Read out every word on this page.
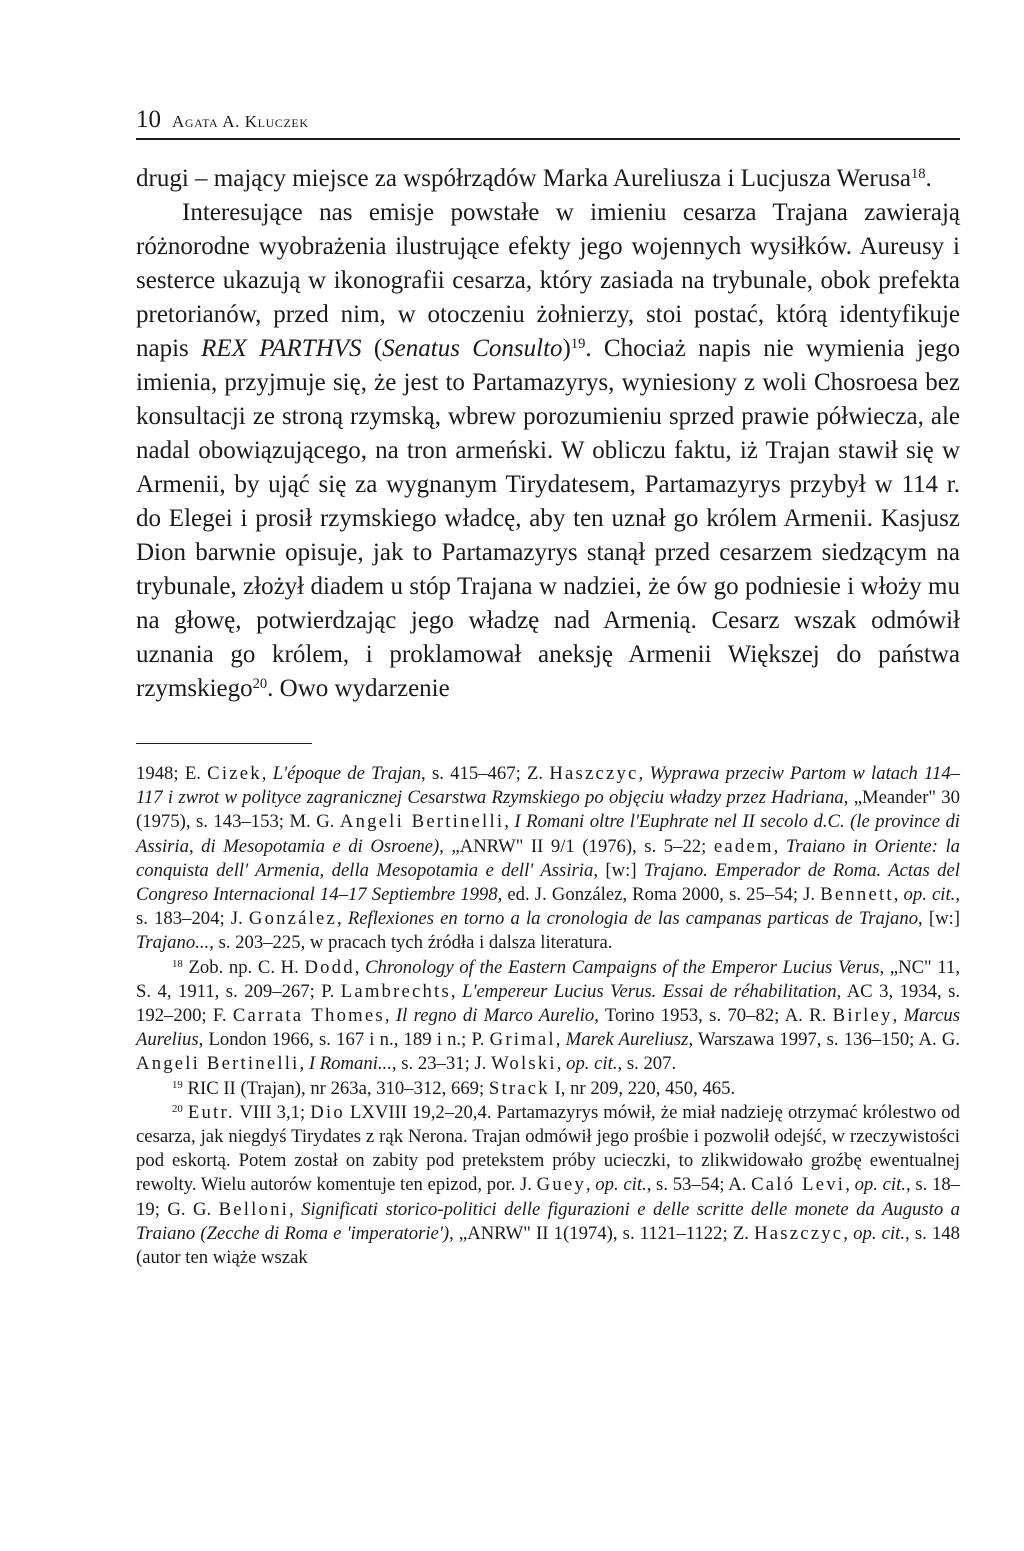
10 Agata A. Kluczek

drugi – mający miejsce za współrządów Marka Aureliusza i Lucjusza Werusa$^{18}$.

Interesujące nas emisje powstałe w imieniu cesarza Trajana zawierają różnorodne wyobrażenia ilustrujące efekty jego wojennych wysiłków. Aureusy i sesterce ukazują w ikonografii cesarza, który zasiada na trybunale, obok prefekta pretorianów, przed nim, w otoczeniu żołnierzy, stoi postać, którą identyfikuje napis REX PARTHVS (Senatus Consulto)$^{19}$. Chociaż napis nie wymienia jego imienia, przyjmuje się, że jest to Partamazyrys, wyniesiony z woli Chosroesa bez konsultacji ze stroną rzymską, wbrew porozumieniu sprzed prawie półwiecza, ale nadal obowiązującego, na tron armeński. W obliczu faktu, iż Trajan stawił się w Armenii, by ująć się za wygnanym Tirydatesem, Partamazyrys przybył w 114 r. do Elegei i prosił rzymskiego władcę, aby ten uznał go królem Armenii. Kasjusz Dion barwnie opisuje, jak to Partamazyrys stanął przed cesarzem siedzącym na trybunale, złożył diadem u stóp Trajana w nadziei, że ów go podniesie i włoży mu na głowę, potwierdzając jego władzę nad Armenią. Cesarz wszak odmówił uznania go królem, i proklamował aneksję Armenii Większej do państwa rzymskiego$^{20}$. Owo wydarzenie

1948; E. Cizek, L'époque de Trajan, s. 415–467; Z. Haszczyc, Wyprawa przeciw Partom w latach 114–117 i zwrot w polityce zagranicznej Cesarstwa Rzymskiego po objęciu władzy przez Hadriana, „Meander" 30 (1975), s. 143–153; M. G. Angeli Bertinelli, I Romani oltre l'Euphrate nel II secolo d.C. (le province di Assiria, di Mesopotamia e di Osroene), „ANRW" II 9/1 (1976), s. 5–22; eadem, Traiano in Oriente: la conquista dell' Armenia, della Mesopotamia e dell' Assiria, [w:] Trajano. Emperador de Roma. Actas del Congreso Internacional 14–17 Septiembre 1998, ed. J. González, Roma 2000, s. 25–54; J. Bennett, op. cit., s. 183–204; J. González, Reflexiones en torno a la cronologia de las campanas particas de Trajano, [w:] Trajano..., s. 203–225, w pracach tych źródła i dalsza literatura.

$^{18}$ Zob. np. C. H. Dodd, Chronology of the Eastern Campaigns of the Emperor Lucius Verus, „NC" 11, S. 4, 1911, s. 209–267; P. Lambrechts, L'empereur Lucius Verus. Essai de réhabilitation, AC 3, 1934, s. 192–200; F. Carrata Thomes, Il regno di Marco Aurelio, Torino 1953, s. 70–82; A. R. Birley, Marcus Aurelius, London 1966, s. 167 i n., 189 i n.; P. Grimal, Marek Aureliusz, Warszawa 1997, s. 136–150; A. G. Angeli Bertinelli, I Romani..., s. 23–31; J. Wolski, op. cit., s. 207.

$^{19}$ RIC II (Trajan), nr 263a, 310–312, 669; Strack I, nr 209, 220, 450, 465.

$^{20}$ Eutr. VIII 3,1; Dio LXVIII 19,2–20,4. Partamazyrys mówił, że miał nadzieję otrzymać królestwo od cesarza, jak niegdyś Tirydates z rąk Nerona. Trajan odmówił jego prośbie i pozwolił odejść, w rzeczywistości pod eskortą. Potem został on zabity pod pretekstem próby ucieczki, to zlikwidowało groźbę ewentualnej rewolty. Wielu autorów komentuje ten epizod, por. J. Guey, op. cit., s. 53–54; A. Caló Levi, op. cit., s. 18–19; G. G. Belloni, Significati storico-politici delle figurazioni e delle scritte delle monete da Augusto a Traiano (Zecche di Roma e 'imperatorie'), „ANRW" II 1(1974), s. 1121–1122; Z. Haszczyc, op. cit., s. 148 (autor ten wiąże wszak
